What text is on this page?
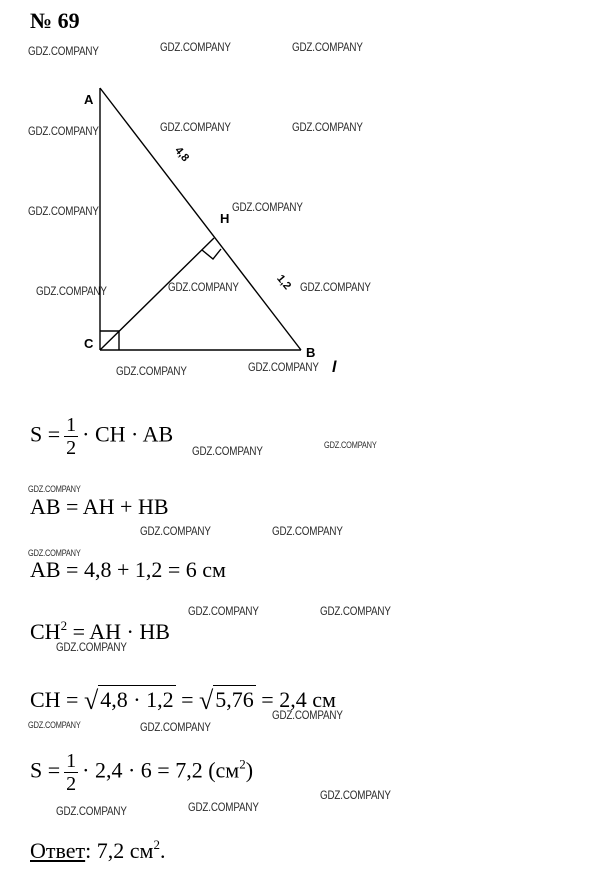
№ 69
GDZ.COMPANY	GDZ.COMPANY	GDZ.COMPANY
GDZ.COMPANY	GDZ.COMPANY	GDZ.COMPANY
GDZ.COMPANY	GDZ.COMPANY
GDZ.COMPANY	GDZ.COMPANY	GDZ.COMPANY
GDZ.COMPANY	GDZ.COMPANY
GDZ.COMPANY	GDZ.COMPANY
GDZ.COMPANY
GDZ.COMPANY	GDZ.COMPANY
GDZ.COMPANY
GDZ.COMPANY	GDZ.COMPANY
GDZ.COMPANY
GDZ.COMPANY
GDZ.COMPANY	GDZ.COMPANY
GDZ.COMPANY
GDZ.COMPANY	GDZ.COMPANY
A
C
B
H
4,8
1,2
l
$S = \frac{1}{2}$ · CH · AB
AB = AH + HB
AB = 4,8 + 1,2 = 6 см
$CH^2$ = AH · HB
CH = √4,8 · 1,2 = √5,76 = 2,4 см
$S = \frac{1}{2} \cdot 2,4 \cdot 6 = 7,2$ $(см^2)$
Ответ: 7,2 $см^2$.
